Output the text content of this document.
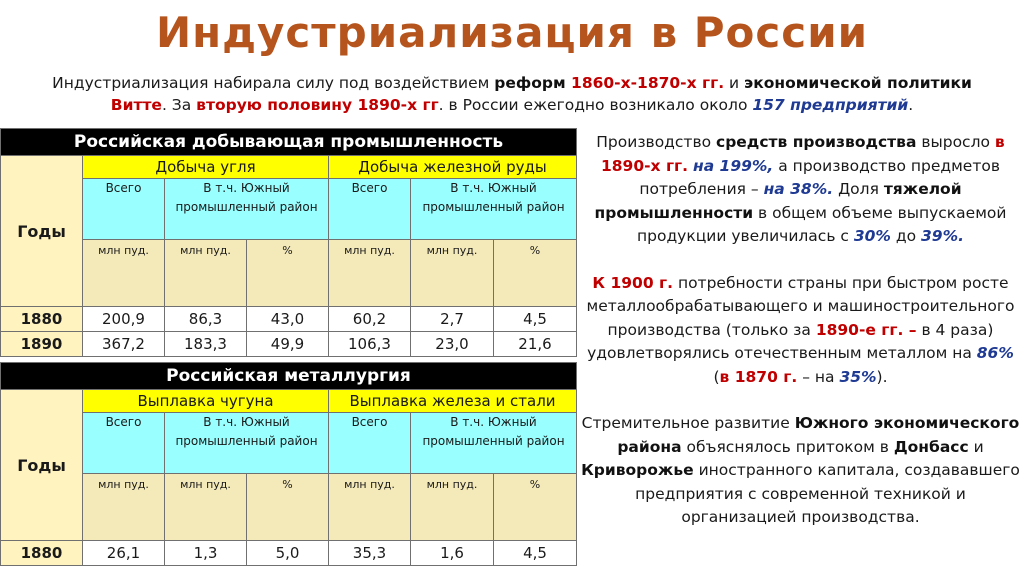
Индустриализация в России
Индустриализация набирала силу под воздействием реформ 1860-х-1870-х гг. и экономической политики
Витте. За вторую половину 1890-х гг. в России ежегодно возникало около 157 предприятий.
Российская добывающая промышленность						
Годы	Добыча угля			Добыча железной руды		
	Всего	В т.ч. Южный промышленный район		Всего	В т.ч. Южный промышленный район	
	млн пуд.	млн пуд.	%	млн пуд.	млн пуд.	%
1880	200,9	86,3	43,0	60,2	2,7	4,5
1890	367,2	183,3	49,9	106,3	23,0	21,6
Российская металлургия						
Годы	Выплавка чугуна			Выплавка железа и стали		
	Всего	В т.ч. Южный промышленный район		Всего	В т.ч. Южный промышленный район	
	млн пуд.	млн пуд.	%	млн пуд.	млн пуд.	%
1880	26,1	1,3	5,0	35,3	1,6	4,5

Производство средств производства выросло в 1890-х гг. на 199%, а производство предметов потребления – на 38%. Доля тяжелой промышленности в общем объеме выпускаемой продукции увеличилась с 30% до 39%.

К 1900 г. потребности страны при быстром росте металлообрабатывающего и машиностроительного производства (только за 1890-е гг. – в 4 раза) удовлетворялись отечественным металлом на 86% (в 1870 г. – на 35%).

Стремительное развитие Южного экономического района объяснялось притоком в Донбасс и Криворожье иностранного капитала, создававшего предприятия с современной техникой и организацией производства.
